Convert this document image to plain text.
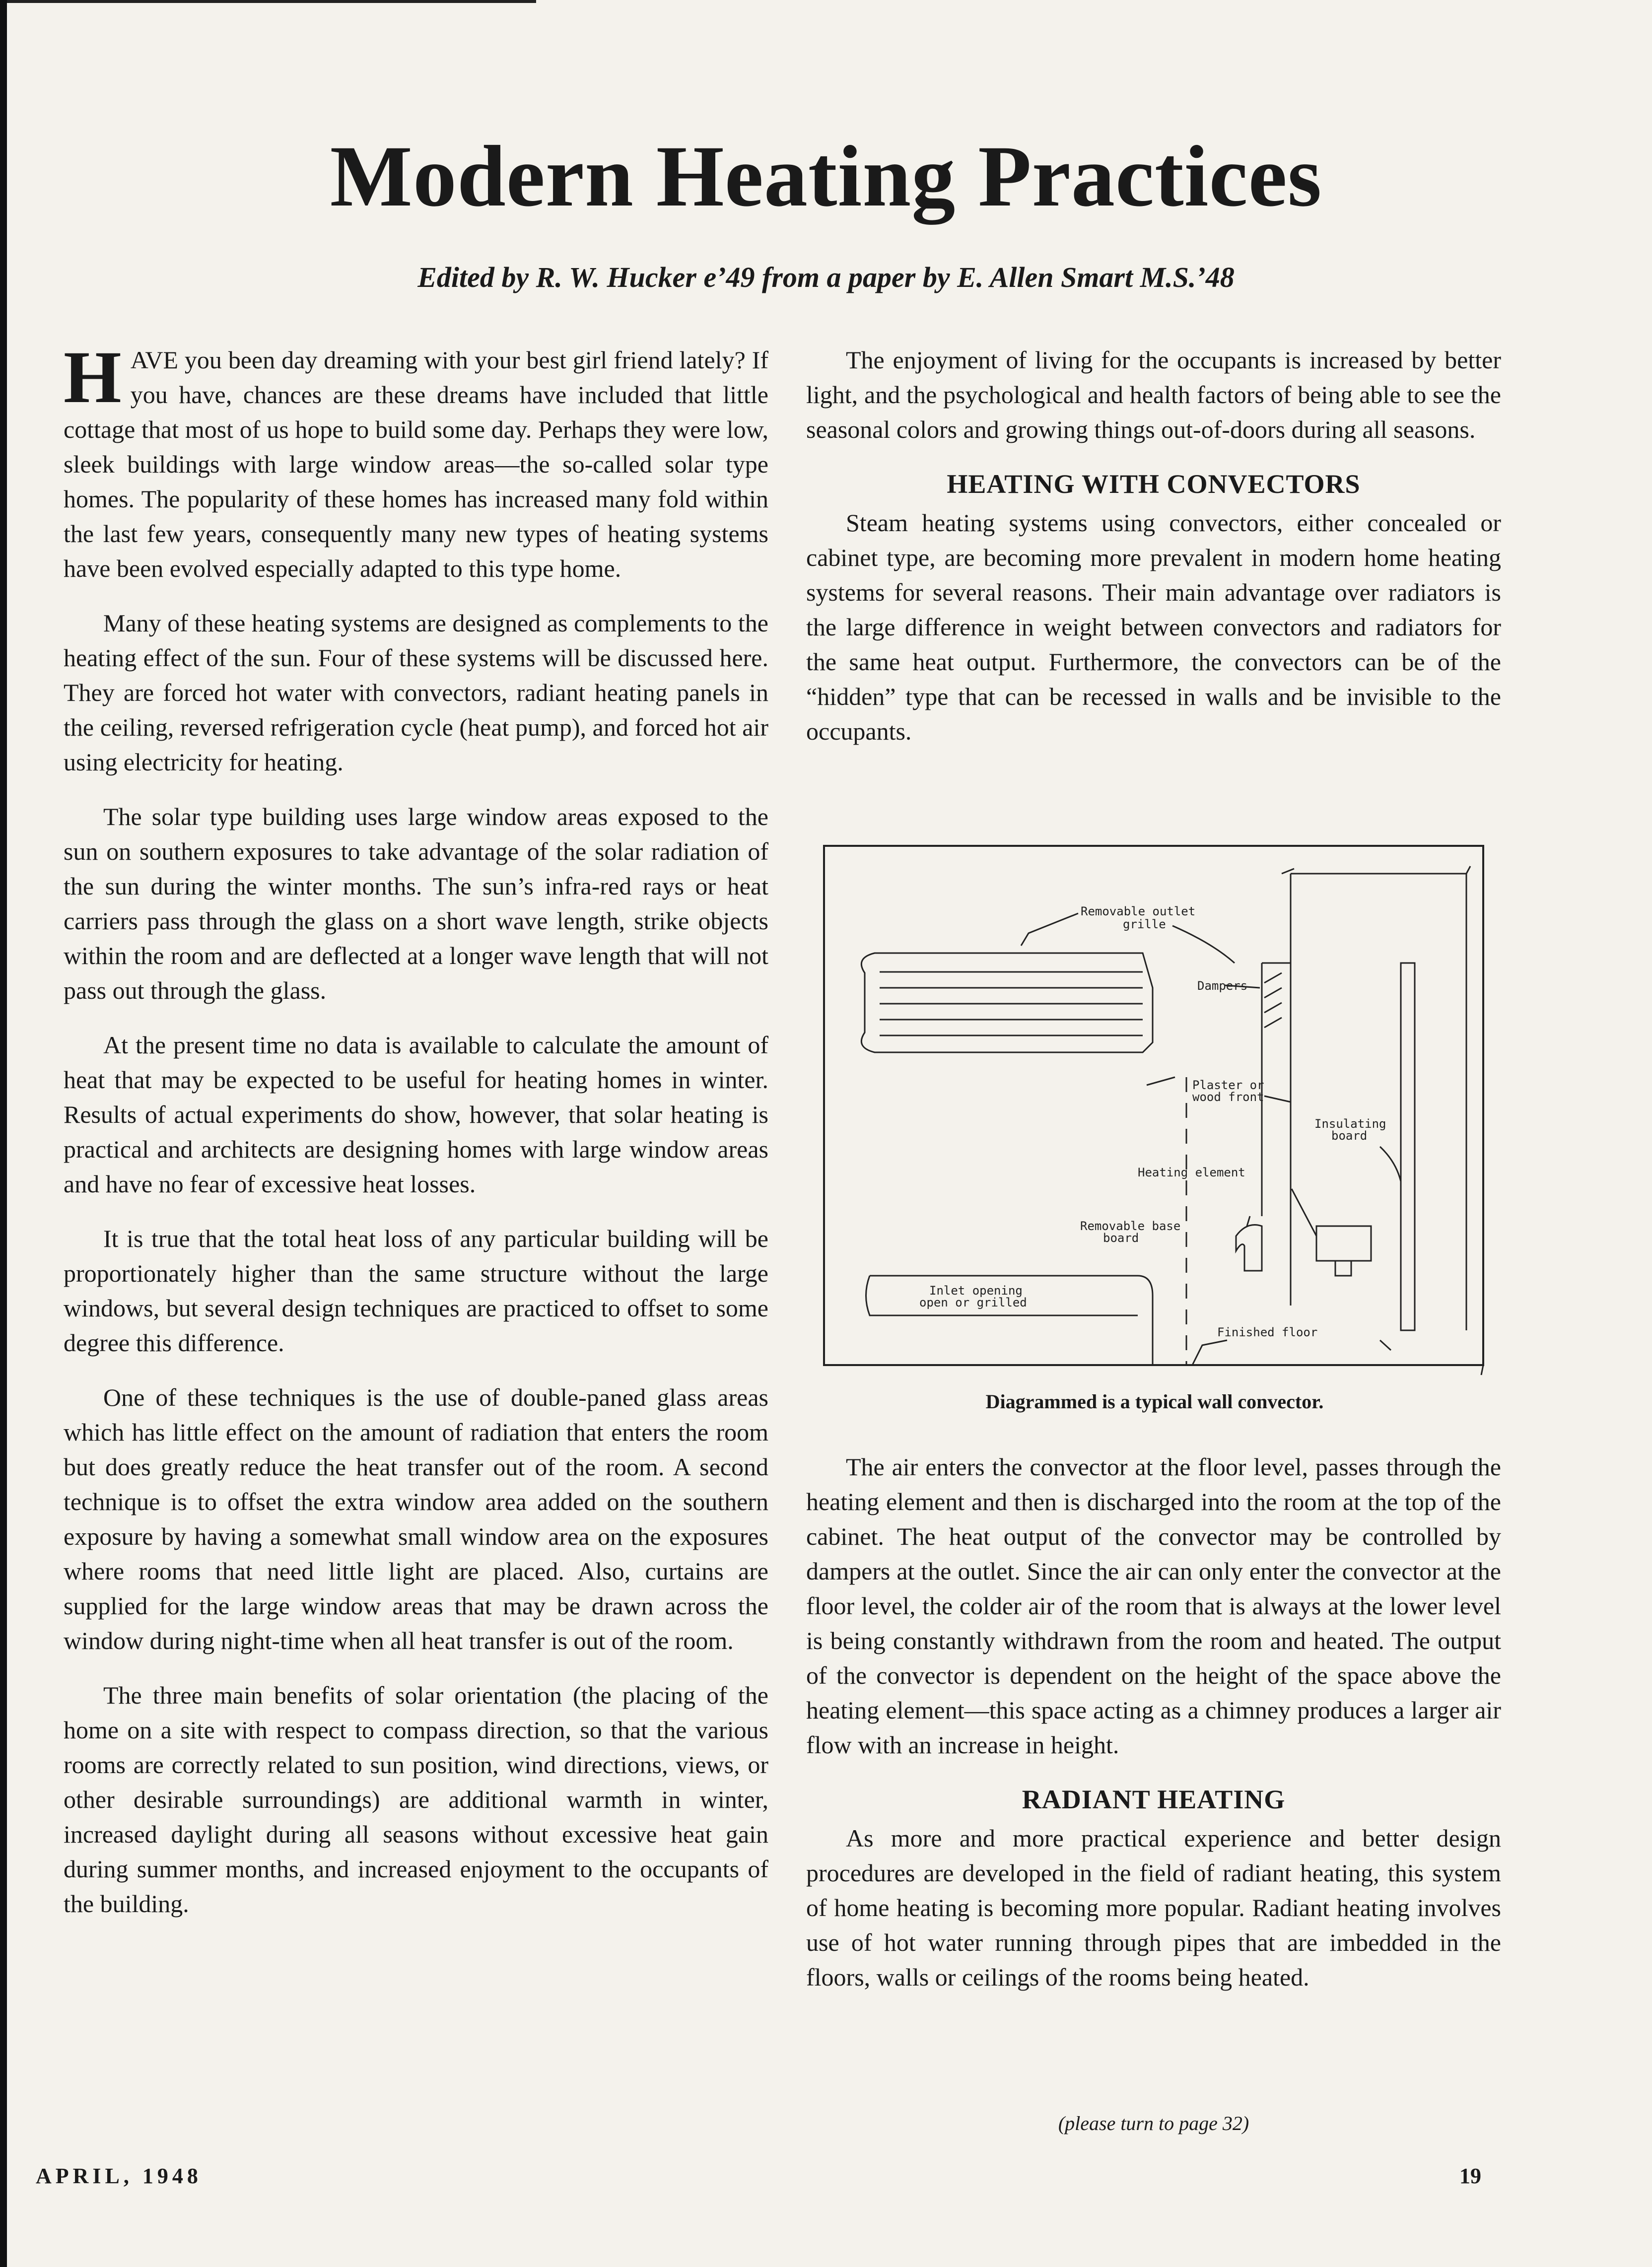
Modern Heating Practices
Edited by R. W. Hucker e’49 from a paper by E. Allen Smart M.S.’48

HAVE you been day dreaming with your best girl friend lately? If you have, chances are these dreams have included that little cottage that most of us hope to build some day. Perhaps they were low, sleek buildings with large window areas—the so-called solar type homes. The popularity of these homes has increased many fold within the last few years, consequently many new types of heating systems have been evolved especially adapted to this type home.

Many of these heating systems are designed as complements to the heating effect of the sun. Four of these systems will be discussed here. They are forced hot water with convectors, radiant heating panels in the ceiling, reversed refrigeration cycle (heat pump), and forced hot air using electricity for heating.

The solar type building uses large window areas exposed to the sun on southern exposures to take advantage of the solar radiation of the sun during the winter months. The sun’s infra-red rays or heat carriers pass through the glass on a short wave length, strike objects within the room and are deflected at a longer wave length that will not pass out through the glass.

At the present time no data is available to calculate the amount of heat that may be expected to be useful for heating homes in winter. Results of actual experiments do show, however, that solar heating is practical and architects are designing homes with large window areas and have no fear of excessive heat losses.

It is true that the total heat loss of any particular building will be proportionately higher than the same structure without the large windows, but several design techniques are practiced to offset to some degree this difference.

One of these techniques is the use of double-paned glass areas which has little effect on the amount of radiation that enters the room but does greatly reduce the heat transfer out of the room. A second technique is to offset the extra window area added on the southern exposure by having a somewhat small window area on the exposures where rooms that need little light are placed. Also, curtains are supplied for the large window areas that may be drawn across the window during night-time when all heat transfer is out of the room.

The three main benefits of solar orientation (the placing of the home on a site with respect to compass direction, so that the various rooms are correctly related to sun position, wind directions, views, or other desirable surroundings) are additional warmth in winter, increased daylight during all seasons without excessive heat gain during summer months, and increased enjoyment to the occupants of the building.

The enjoyment of living for the occupants is increased by better light, and the psychological and health factors of being able to see the seasonal colors and growing things out-of-doors during all seasons.

HEATING WITH CONVECTORS

Steam heating systems using convectors, either concealed or cabinet type, are becoming more prevalent in modern home heating systems for several reasons. Their main advantage over radiators is the large difference in weight between convectors and radiators for the same heat output. Furthermore, the convectors can be of the “hidden” type that can be recessed in walls and be invisible to the occupants.

Removable outlet
grille
Dampers
Plaster or
wood front
Insulating
board
Heating element
Removable base
board
Inlet opening
open or grilled
Finished floor
Diagrammed is a typical wall convector.

The air enters the convector at the floor level, passes through the heating element and then is discharged into the room at the top of the cabinet. The heat output of the convector may be controlled by dampers at the outlet. Since the air can only enter the convector at the floor level, the colder air of the room that is always at the lower level is being constantly withdrawn from the room and heated. The output of the convector is dependent on the height of the space above the heating element—this space acting as a chimney produces a larger air flow with an increase in height.

RADIANT HEATING

As more and more practical experience and better design procedures are developed in the field of radiant heating, this system of home heating is becoming more popular. Radiant heating involves use of hot water running through pipes that are imbedded in the floors, walls or ceilings of the rooms being heated.

(please turn to page 32)
APRIL, 1948	19
